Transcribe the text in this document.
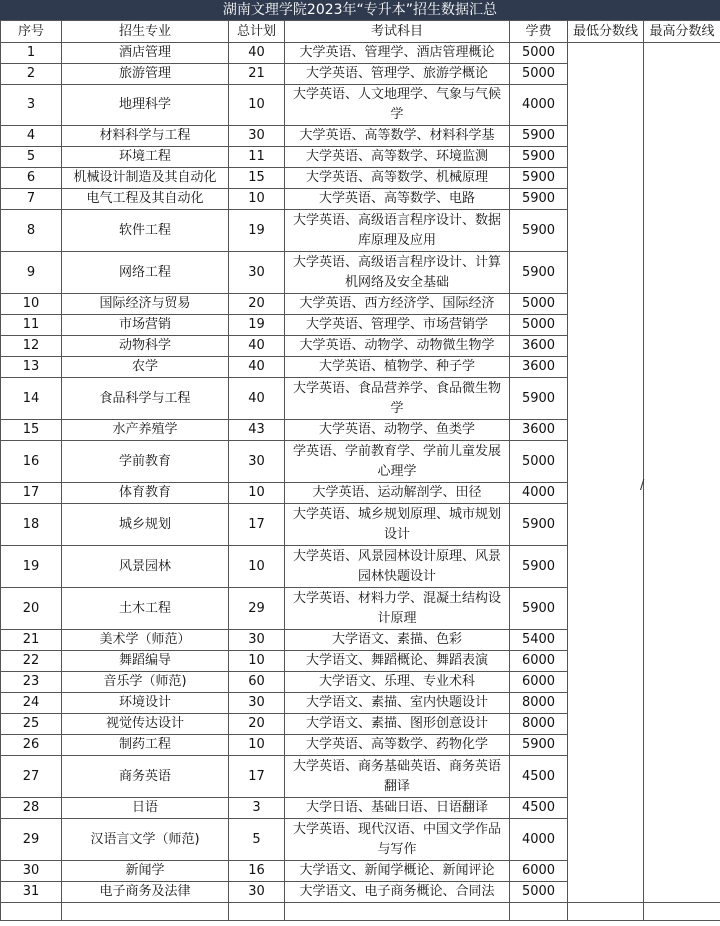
湖南文理学院2023年“专升本”招生数据汇总
序号	招生专业	总计划	考试科目	学费	最低分数线	最高分数线
1	酒店管理	40	大学英语、管理学、酒店管理概论	5000		
2	旅游管理	21	大学英语、管理学、旅游学概论	5000		
3	地理科学	10	大学英语、人文地理学、气象与气候学	4000		
4	材料科学与工程	30	大学英语、高等数学、材料科学基	5900		
5	环境工程	11	大学英语、高等数学、环境监测	5900		
6	机械设计制造及其自动化	15	大学英语、高等数学、机械原理	5900		
7	电气工程及其自动化	10	大学英语、高等数学、电路	5900		
8	软件工程	19	大学英语、高级语言程序设计、数据库原理及应用	5900		
9	网络工程	30	大学英语、高级语言程序设计、计算机网络及安全基础	5900		
10	国际经济与贸易	20	大学英语、西方经济学、国际经济	5000		
11	市场营销	19	大学英语、管理学、市场营销学	5000		
12	动物科学	40	大学英语、动物学、动物微生物学	3600		
13	农学	40	大学英语、植物学、种子学	3600		
14	食品科学与工程	40	大学英语、食品营养学、食品微生物学	5900		
15	水产养殖学	43	大学英语、动物学、鱼类学	3600		
16	学前教育	30	学英语、学前教育学、学前儿童发展心理学	5000		
17	体育教育	10	大学英语、运动解剖学、田径	4000		
18	城乡规划	17	大学英语、城乡规划原理、城市规划设计	5900		
19	风景园林	10	大学英语、风景园林设计原理、风景园林快题设计	5900		
20	土木工程	29	大学英语、材料力学、混凝土结构设计原理	5900		
21	美术学（师范）	30	大学语文、素描、色彩	5400		
22	舞蹈编导	10	大学语文、舞蹈概论、舞蹈表演	6000		
23	音乐学（师范)	60	大学语文、乐理、专业术科	6000		
24	环境设计	30	大学语文、素描、室内快题设计	8000		
25	视觉传达设计	20	大学语文、素描、图形创意设计	8000		
26	制药工程	10	大学英语、高等数学、药物化学	5900		
27	商务英语	17	大学英语、商务基础英语、商务英语翻译	4500		
28	日语	3	大学日语、基础日语、日语翻译	4500		
29	汉语言文学（师范)	5	大学英语、现代汉语、中国文学作品与写作	4000		
30	新闻学	16	大学语文、新闻学概论、新闻评论	6000		
31	电子商务及法律	30	大学语文、电子商务概论、合同法	5000		

/
